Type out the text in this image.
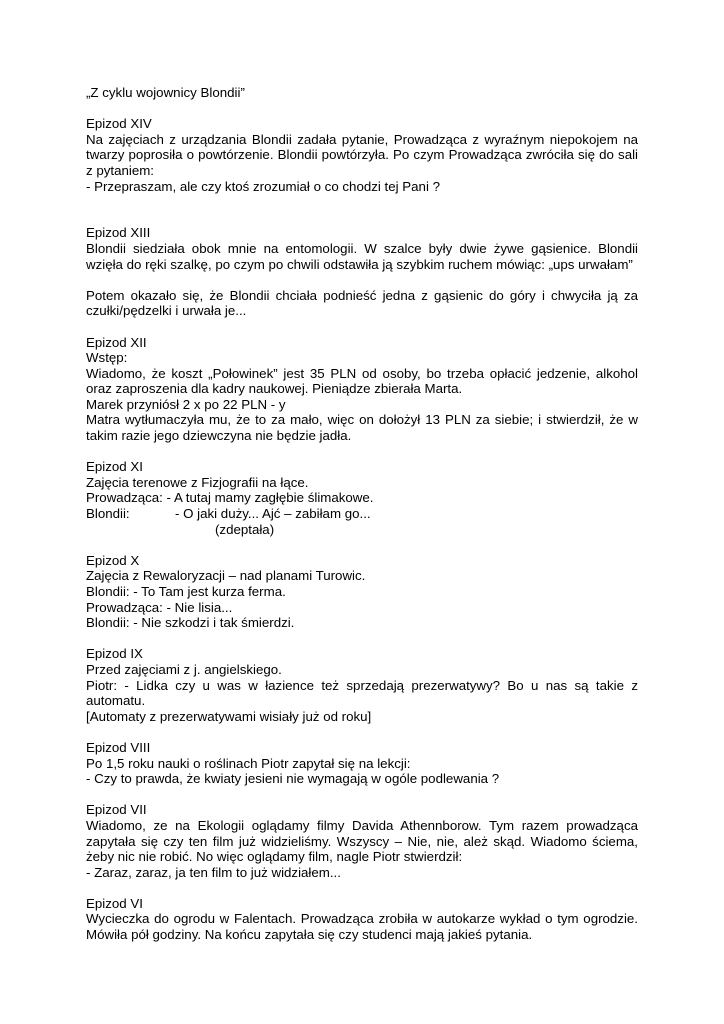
„Z cyklu wojownicy Blondii”

Epizod XIV

Na zajęciach z urządzania Blondii zadała pytanie, Prowadząca z wyraźnym niepokojem na twarzy poprosiła o powtórzenie. Blondii powtórzyła. Po czym Prowadząca zwróciła się do sali z pytaniem:

- Przepraszam, ale czy ktoś zrozumiał o co chodzi tej Pani ?

Epizod XIII

Blondii siedziała obok mnie na entomologii. W szalce były dwie żywe gąsienice. Blondii wzięła do ręki szalkę, po czym po chwili odstawiła ją szybkim ruchem mówiąc: „ups urwałam”

Potem okazało się, że Blondii chciała podnieść jedna z gąsienic do góry i chwyciła ją za czułki/pędzelki i urwała je...

Epizod XII

Wstęp:

Wiadomo, że koszt „Połowinek” jest 35 PLN od osoby, bo trzeba opłacić jedzenie, alkohol oraz zaproszenia dla kadry naukowej. Pieniądze zbierała Marta.

Marek przyniósł 2 x po 22 PLN - y

Matra wytłumaczyła mu, że to za mało, więc on dołożył 13 PLN za siebie; i stwierdził, że w takim razie jego dziewczyna nie będzie jadła.

Epizod XI

Zajęcia terenowe z Fizjografii na łące.

Prowadząca: - A tutaj mamy zagłębie ślimakowe.

Blondii:	- O jaki duży... Ajć – zabiłam go...

(zdeptała)

Epizod X

Zajęcia z Rewaloryzacji – nad planami Turowic.

Blondii: - To Tam jest kurza ferma.

Prowadząca: - Nie lisia...

Blondii: - Nie szkodzi i tak śmierdzi.

Epizod IX

Przed zajęciami z j. angielskiego.

Piotr: - Lidka czy u was w łazience też sprzedają prezerwatywy? Bo u nas są takie z automatu.

[Automaty z prezerwatywami wisiały już od roku]

Epizod VIII

Po 1,5 roku nauki o roślinach Piotr zapytał się na lekcji:

- Czy to prawda, że kwiaty jesieni nie wymagają w ogóle podlewania ?

Epizod VII

Wiadomo, ze na Ekologii oglądamy filmy Davida Athennborow. Tym razem prowadząca zapytała się czy ten film już widzieliśmy. Wszyscy – Nie, nie, ależ skąd. Wiadomo ściema, żeby nic nie robić. No więc oglądamy film, nagle Piotr stwierdził:

- Zaraz, zaraz, ja ten film to już widziałem...

Epizod VI

Wycieczka do ogrodu w Falentach. Prowadząca zrobiła w autokarze wykład o tym ogrodzie. Mówiła pół godziny. Na końcu zapytała się czy studenci mają jakieś pytania.
